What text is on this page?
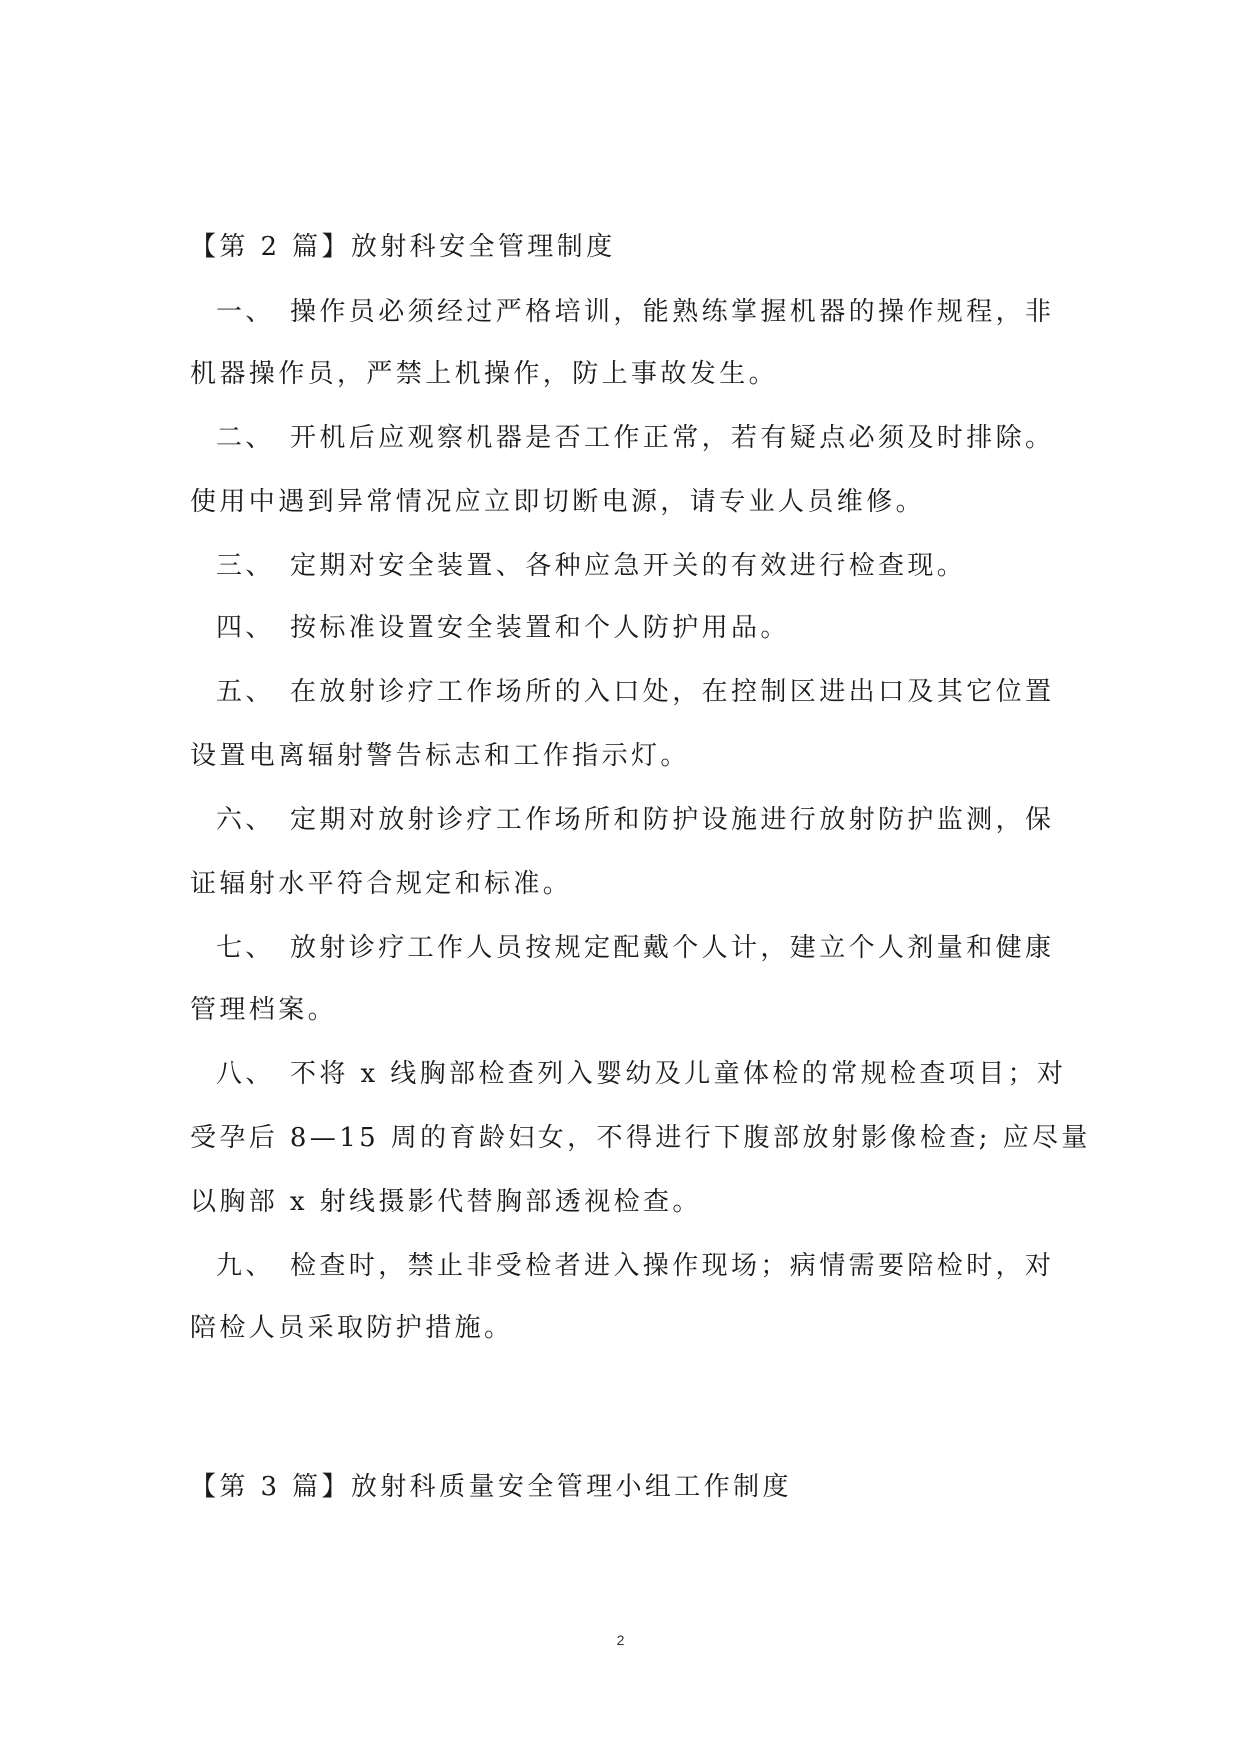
【第 2 篇】放射科安全管理制度
一、 操作员必须经过严格培训，能熟练掌握机器的操作规程，非
机器操作员，严禁上机操作，防上事故发生。
二、 开机后应观察机器是否工作正常，若有疑点必须及时排除。
使用中遇到异常情况应立即切断电源，请专业人员维修。
三、 定期对安全装置、各种应急开关的有效进行检查现。
四、 按标准设置安全装置和个人防护用品。
五、 在放射诊疗工作场所的入口处，在控制区进出口及其它位置
设置电离辐射警告标志和工作指示灯。
六、 定期对放射诊疗工作场所和防护设施进行放射防护监测，保
证辐射水平符合规定和标准。
七、 放射诊疗工作人员按规定配戴个人计，建立个人剂量和健康
管理档案。
八、 不将 x 线胸部检查列入婴幼及儿童体检的常规检查项目；对
受孕后 8—15 周的育龄妇女，不得进行下腹部放射影像检查; 应尽量
以胸部 x 射线摄影代替胸部透视检查。
九、 检查时，禁止非受检者进入操作现场；病情需要陪检时，对
陪检人员采取防护措施。
【第 3 篇】放射科质量安全管理小组工作制度
2
